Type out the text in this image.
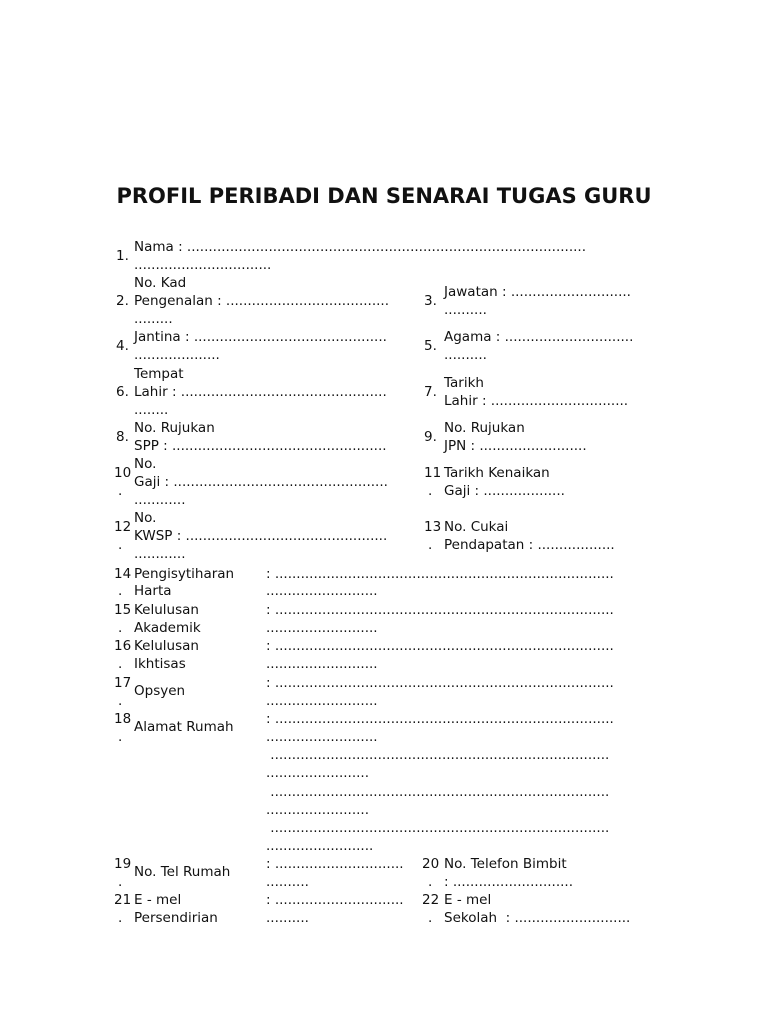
PROFIL PERIBADI DAN SENARAI TUGAS GURU
1.
Nama : .............................................................................................
................................
2.
No. Kad
Pengenalan : ......................................
.........
3.
Jawatan : ............................
..........
4.
Jantina : .............................................
....................
5.
Agama : ..............................
..........
6.
Tempat
Lahir : ................................................
........
7.
Tarikh
Lahir : ................................
8.
No. Rujukan
SPP : ..................................................
9.
No. Rujukan
JPN : .........................
10
.
No.
Gaji : ..................................................
............
11
.
Tarikh Kenaikan
Gaji : ...................
12
.
No.
KWSP : ...............................................
............
13
.
No. Cukai
Pendapatan : ..................
14
.
Pengisytiharan
Harta
: ...............................................................................
..........................
15
.
Kelulusan
Akademik
: ...............................................................................
..........................
16
.
Kelulusan
Ikhtisas
: ...............................................................................
..........................
17
.
Opsyen	: ...............................................................................
..........................
18
.
Alamat Rumah : ...............................................................................
..........................
...............................................................................
........................
...............................................................................
........................
...............................................................................
.........................
19
.
No. Tel Rumah	: ..............................
..........
20
.
No. Telefon Bimbit
: ............................
21
.
E - mel
Persendirian
: ..............................
..........
22
.
E - mel
Sekolah  : ...........................
